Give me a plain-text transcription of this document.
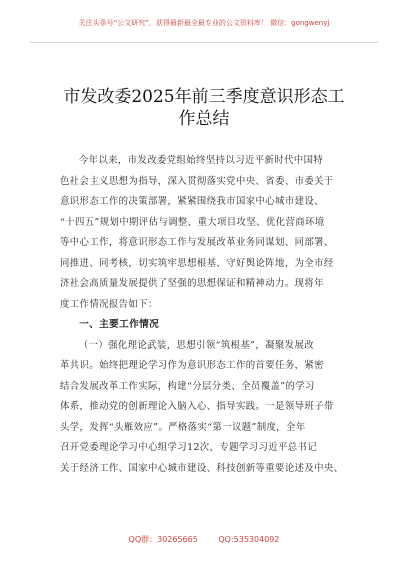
关注头条号“公文研究”，获得最新最全最专业的公文资料库！ 微信：gongwenyj
市发改委2025年前三季度意识形态工
作总结
今年以来，市发改委党组始终坚持以习近平新时代中国特
色社会主义思想为指导，深入贯彻落实党中央、省委、市委关于
意识形态工作的决策部署，紧紧围绕我市国家中心城市建设、
“十四五”规划中期评估与调整、重大项目攻坚、优化营商环境
等中心工作，将意识形态工作与发展改革业务同谋划、同部署、
同推进、同考核，切实筑牢思想根基、守好舆论阵地，为全市经
济社会高质量发展提供了坚强的思想保证和精神动力。现将年
度工作情况报告如下：
一、主要工作情况
（一）强化理论武装，思想引领“筑根基”，凝聚发展改
革共识。始终把理论学习作为意识形态工作的首要任务，紧密
结合发展改革工作实际，构建“分层分类、全员覆盖”的学习
体系，推动党的创新理论入脑入心、指导实践。一是领导班子带
头学，发挥“头雁效应”。严格落实“第一议题”制度，全年
召开党委理论学习中心组学习12次，专题学习习近平总书记
关于经济工作、国家中心城市建设、科技创新等重要论述及中央、
QQ群：30265665	QQ:535304092
